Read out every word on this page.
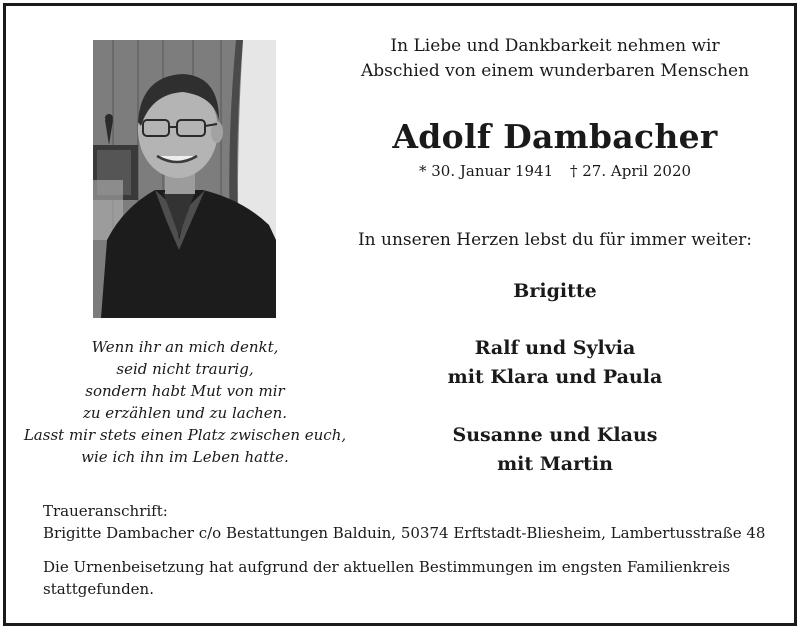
Wenn ihr an mich denkt,
seid nicht traurig,
sondern habt Mut von mir
zu erzählen und zu lachen.
Lasst mir stets einen Platz zwischen euch,
wie ich ihn im Leben hatte.
In Liebe und Dankbarkeit nehmen wir
Abschied von einem wunderbaren Menschen
Adolf Dambacher
* 30. Januar 1941 † 27. April 2020
In unseren Herzen lebst du für immer weiter:
Brigitte
Ralf und Sylvia
mit Klara und Paula
Susanne und Klaus
mit Martin
Traueranschrift:
Brigitte Dambacher c/o Bestattungen Balduin, 50374 Erftstadt-Bliesheim, Lambertusstraße 48
Die Urnenbeisetzung hat aufgrund der aktuellen Bestimmungen im engsten Familienkreis
stattgefunden.
